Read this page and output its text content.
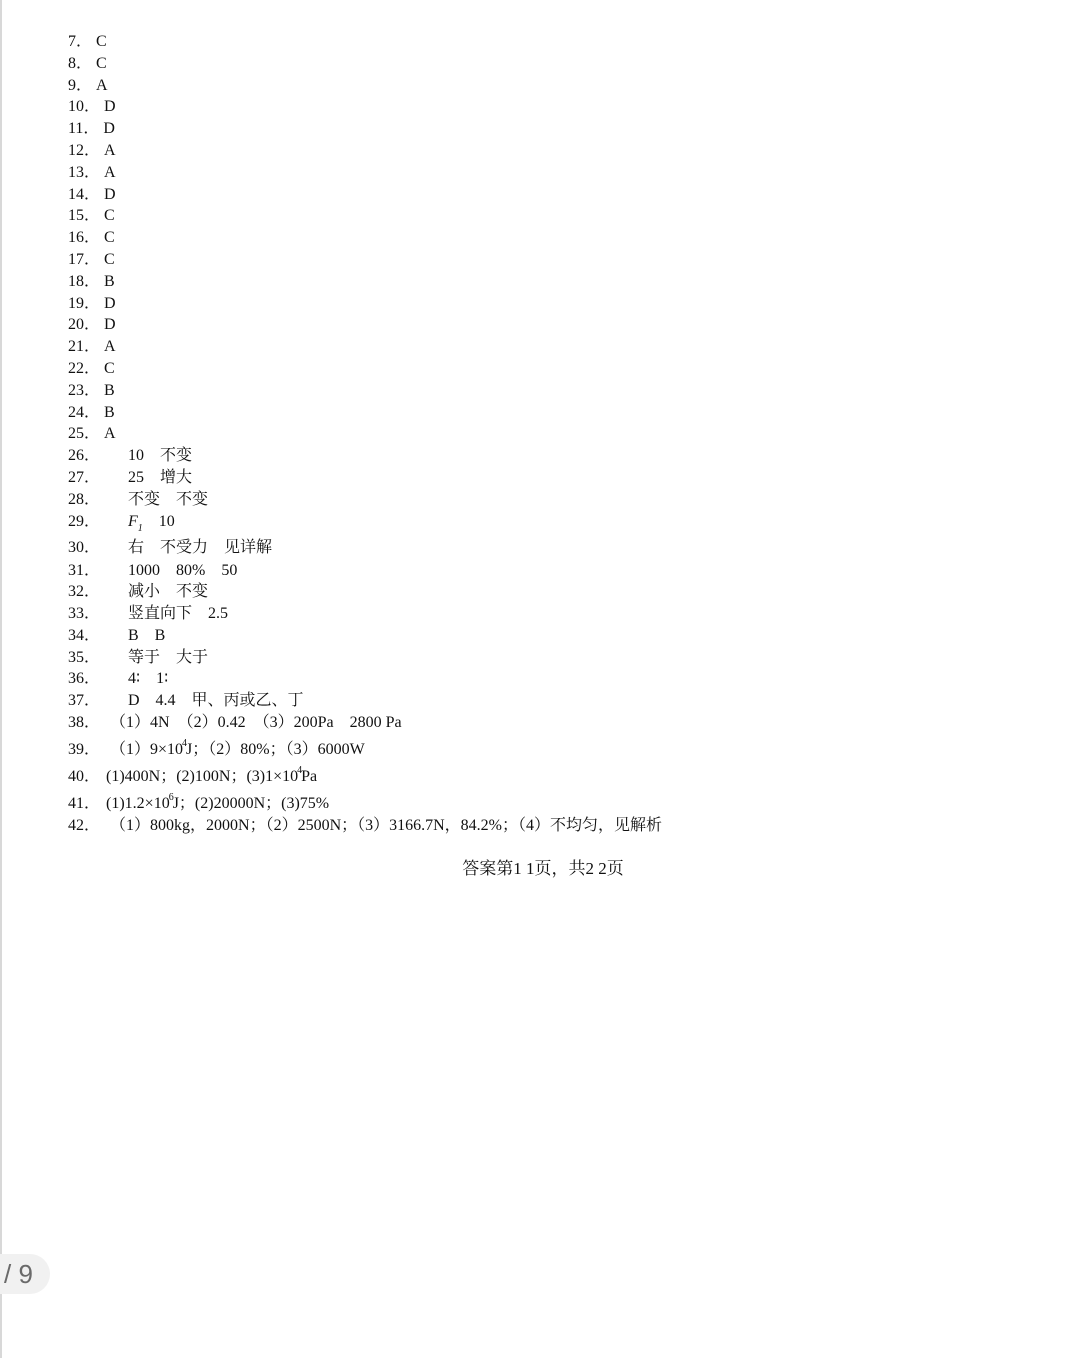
7． C
8． C
9． A
10． D
11． D
12． A
13． A
14． D
15． C
16． C
17． C
18． B
19． D
20． D
21． A
22． C
23． B
24． B
25． A
26． 10　不变
27． 25　增大
28． 不变　不变
29． $F_1$　10
30． 右　不受力　见详解
31． 1000　80%　50
32． 减小　不变
33． 竖直向下　2.5
34． B　B
35． 等于　大于
36． 4∶　1∶
37． D　4.4　甲、丙或乙、丁
38． （1）4N　（2）0.42　（3）200Pa　2800 Pa
39． $(1)9\times 10^4J$；（2）80%；（3）6000W
40． (1)400N；(2)100N；$(3)1\times 10^4Pa$
41． $(1)1.2\times 10^6J$；(2)20000N；(3)75%
42． （1）800kg，2000N；（2）2500N；（3）3166.7N，84.2%；（4）不均匀，见解析
答案第1 1页，共2 2页
/ 9
